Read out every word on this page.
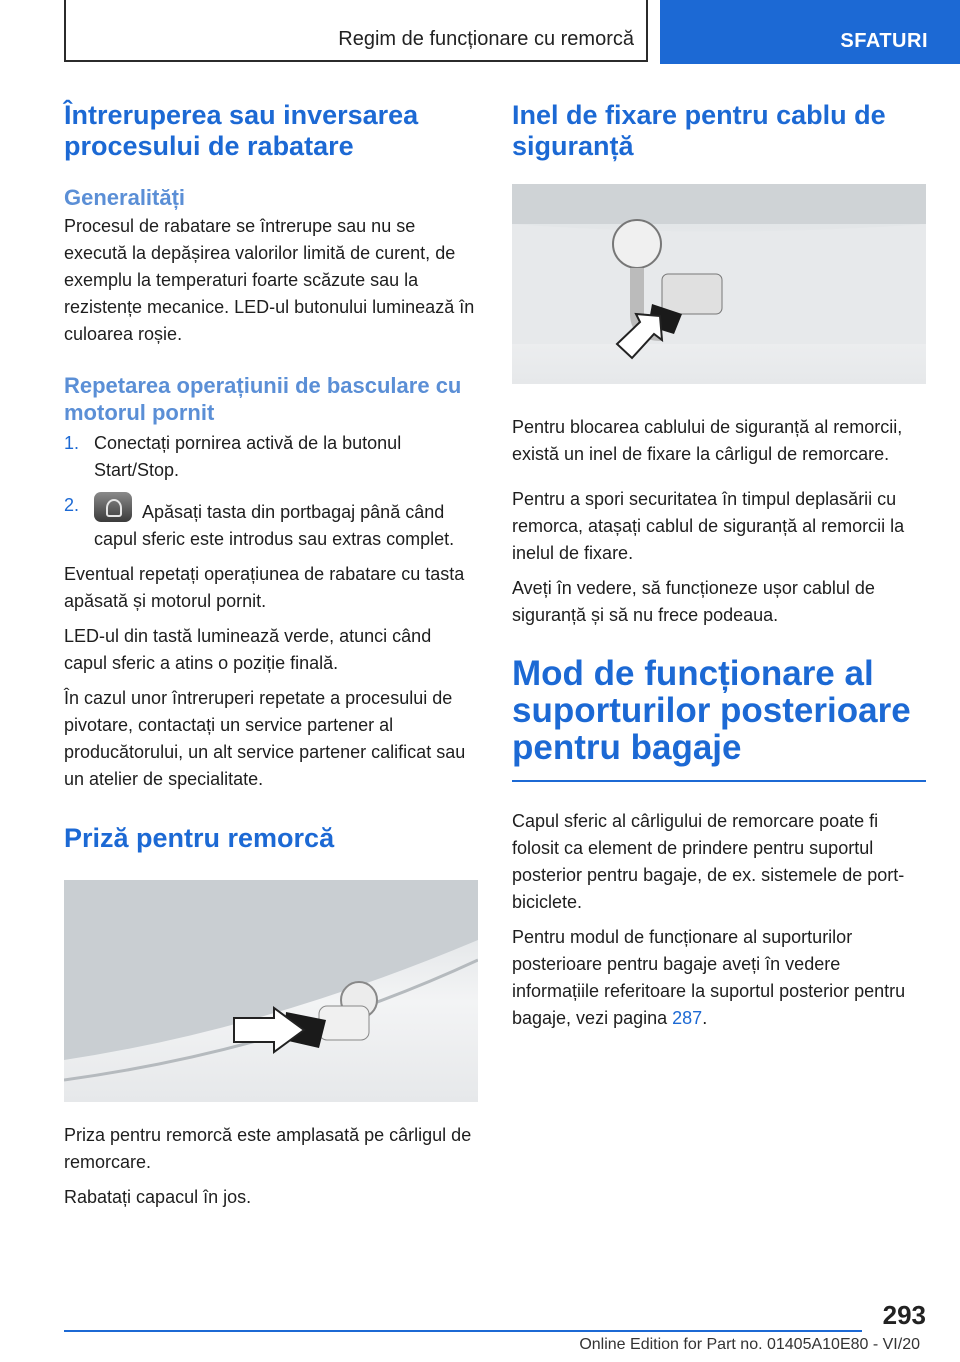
Regim de funcționare cu remorcă	SFATURI
Întreruperea sau inversarea procesului de rabatare
Generalități

Procesul de rabatare se întrerupe sau nu se execută la depășirea valorilor limită de curent, de exemplu la temperaturi foarte scăzute sau la rezistențe mecanice. LED-ul butonului luminează în culoarea roșie.

Repetarea operațiunii de basculare cu motorul pornit
1. Conectați pornirea activă de la butonul Start/Stop.
2.	Apăsați tasta din portbagaj până când capul sferic este introdus sau extras complet.

Eventual repetați operațiunea de rabatare cu tasta apăsată și motorul pornit.

LED-ul din tastă luminează verde, atunci când capul sferic a atins o poziție finală.

În cazul unor întreruperi repetate a procesului de pivotare, contactați un service partener al producătorului, un alt service partener calificat sau un atelier de specialitate.

Priză pentru remorcă

Priza pentru remorcă este amplasată pe cârligul de remorcare.

Rabatați capacul în jos.

Inel de fixare pentru cablu de siguranță

Pentru blocarea cablului de siguranță al remorcii, există un inel de fixare la cârligul de remorcare.

Pentru a spori securitatea în timpul deplasării cu remorca, atașați cablul de siguranță al remorcii la inelul de fixare.

Aveți în vedere, să funcționeze ușor cablul de siguranță și să nu frece podeaua.

Mod de funcționare al suporturilor posterioare pentru bagaje

Capul sferic al cârligului de remorcare poate fi folosit ca element de prindere pentru suportul posterior pentru bagaje, de ex. sistemele de port-biciclete.

Pentru modul de funcționare al suporturilor posterioare pentru bagaje aveți în vedere informațiile referitoare la suportul posterior pentru bagaje, vezi pagina 287.

293
Online Edition for Part no. 01405A10E80 - VI/20
